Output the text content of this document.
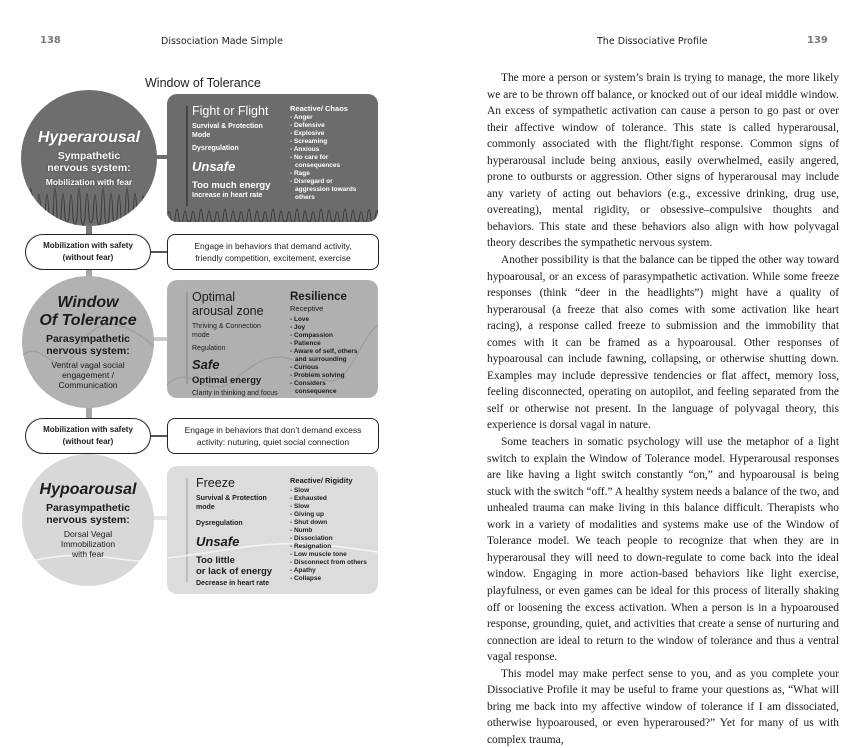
138	Dissociation Made Simple	The Dissociative Profile	139
Window of Tolerance
Hyperarousal
Sympathetic nervous system:
Mobilization with fear
Fight or Flight
Survival & Protection Mode
Dysregulation
Unsafe
Too much energy
Increase in heart rate
Reactive/ Chaos
- Anger
- Defensive
- Explosive
- Screaming
- Anxious
- No care for
consequences
- Rage
- Disregard or
aggression towards
others
Mobilization with safety
(without fear)
Engage in behaviors that demand activity,
friendly competition, excitement, exercise
Window
Of Tolerance
Parasympathetic nervous system:
Ventral vagal social engagement / Communication
Optimal
arousal zone
Thriving & Connection mode
Regulation
Safe
Optimal energy
Clarity in thinking and focus
Resilience
Receptive
- Love
- Joy
- Compassion
- Patience
- Aware of self, others
and surrounding
- Curious
- Problem solving
- Considers
consequence
Mobilization with safety
(without fear)
Engage in behaviors that don’t demand excess
activity: nuturing, quiet social connection
Hypoarousal
Parasympathetic nervous system:
Dorsal Vegal Immobilization with fear
Freeze
Survival & Protection mode
Dysregulation
Unsafe
Too little
or lack of energy
Decrease in heart rate
Reactive/ Rigidity
- Slow
- Exhausted
- Slow
- Giving up
- Shut down
- Numb
- Dissociation
- Resignation
- Low muscle tone
- Disconnect from others
- Apathy
- Collapse

The more a person or system’s brain is trying to manage, the more likely we are to be thrown off balance, or knocked out of our ideal middle window. An excess of sympathetic activation can cause a person to go past or over their affective window of tolerance. This state is called hyperarousal, commonly associated with the flight/fight response. Common signs of hyperarousal include being anxious, easily overwhelmed, easily angered, prone to outbursts or aggression. Other signs of hyperarousal may include any variety of acting out behaviors (e.g., excessive drinking, drug use, overeating), mental rigidity, or obsessive–compulsive thoughts and behaviors. This state and these behaviors also align with how polyvagal theory describes the sympathetic nervous system.

Another possibility is that the balance can be tipped the other way toward hypoarousal, or an excess of parasympathetic activation. While some freeze responses (think “deer in the headlights”) might have a quality of hyperarousal (a freeze that also comes with some activation like heart racing), a response called freeze to submission and the immobility that comes with it can be framed as a hypoarousal. Other responses of hypoarousal can include fawning, collapsing, or otherwise shutting down. Examples may include depressive tendencies or flat affect, memory loss, feeling disconnected, operating on autopilot, and feeling separated from the self or otherwise not present. In the language of polyvagal theory, this experience is dorsal vagal in nature.

Some teachers in somatic psychology will use the metaphor of a light switch to explain the Window of Tolerance model. Hyperarousal responses are like having a light switch constantly “on,” and hypoarousal is being stuck with the switch “off.” A healthy system needs a balance of the two, and unhealed trauma can make living in this balance difficult. Therapists who work in a variety of modalities and systems make use of the Window of Tolerance model. We teach people to recognize that when they are in hyperarousal they will need to down-regulate to come back into the ideal window. Engaging in more action-based behaviors like light exercise, playfulness, or even games can be ideal for this process of literally shaking off or loosening the excess activation. When a person is in a hypoaroused response, grounding, quiet, and activities that create a sense of nurturing and connection are ideal to return to the window of tolerance and thus a ventral vagal response.

This model may make perfect sense to you, and as you complete your Dissociative Profile it may be useful to frame your questions as, “What will bring me back into my affective window of tolerance if I am dissociated, otherwise hypoaroused, or even hyperaroused?” Yet for many of us with complex trauma,
